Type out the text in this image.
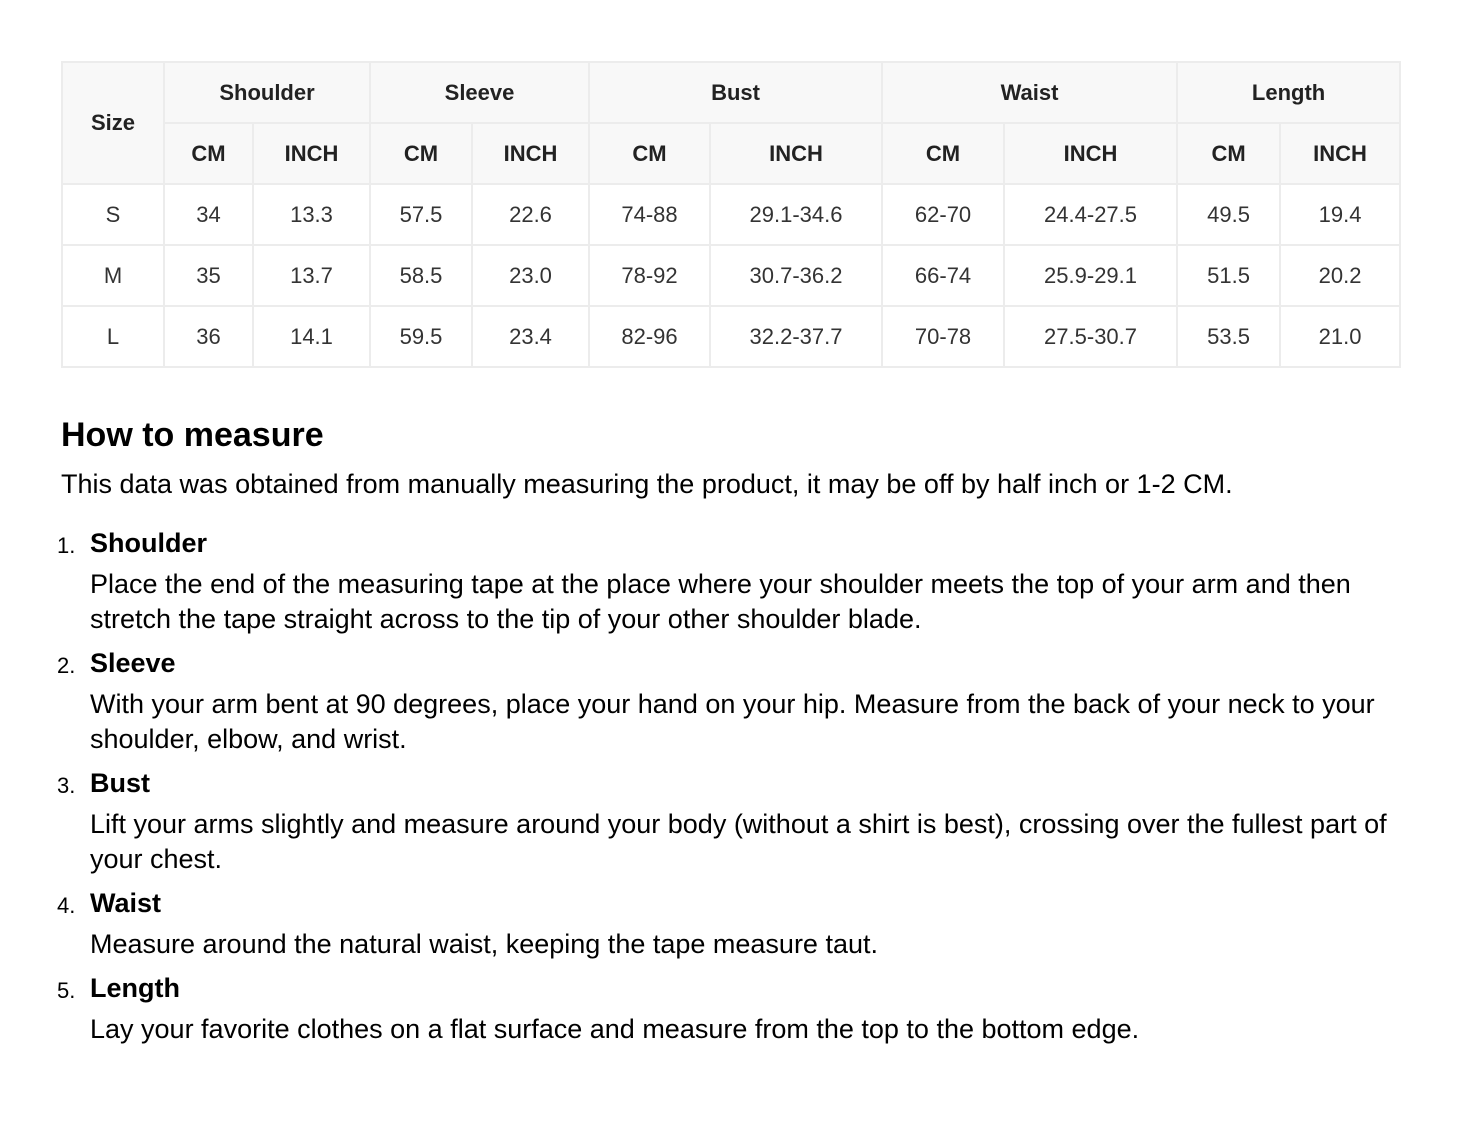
Size	Shoulder		Sleeve		Bust		Waist		Length	
	CM	INCH	CM	INCH	CM	INCH	CM	INCH	CM	INCH
S	34	13.3	57.5	22.6	74-88	29.1-34.6	62-70	24.4-27.5	49.5	19.4
M	35	13.7	58.5	23.0	78-92	30.7-36.2	66-74	25.9-29.1	51.5	20.2
L	36	14.1	59.5	23.4	82-96	32.2-37.7	70-78	27.5-30.7	53.5	21.0
How to measure

This data was obtained from manually measuring the product, it may be off by half inch or 1-2 CM.

1. Shoulder
Place the end of the measuring tape at the place where your shoulder meets the top of your arm and then stretch the tape straight across to the tip of your other shoulder blade.
2. Sleeve
With your arm bent at 90 degrees, place your hand on your hip. Measure from the back of your neck to your shoulder, elbow, and wrist.
3. Bust
Lift your arms slightly and measure around your body (without a shirt is best), crossing over the fullest part of your chest.
4. Waist
Measure around the natural waist, keeping the tape measure taut.
5. Length
Lay your favorite clothes on a flat surface and measure from the top to the bottom edge.
